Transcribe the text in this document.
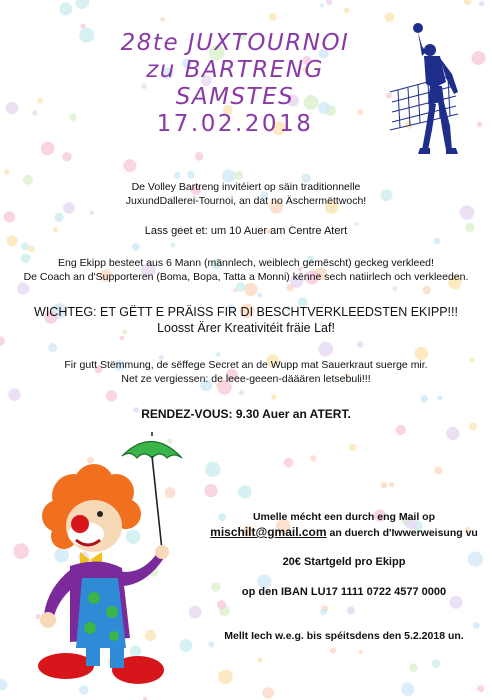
28te JUXTOURNOI
zu BARTRENG
SAMSTES
17.02.2018
De Volley Bartreng invitéiert op säin traditionnelle
JuxundDallerei-Tournoi, an dat no Äschermëttwoch!
Lass geet et: um 10 Auer am Centre Atert
Eng Ekipp besteet aus 6 Mann (männlech, weiblech gemëscht) geckeg verkleed!
De Coach an d'Supporteren (Boma, Bopa, Tatta a Monni) kënne sech natiirlech och verkleeden.
WICHTEG: ET GËTT E PRÄISS FIR DI BESCHTVERKLEEDSTEN EKIPP!!!
Loosst Ärer Kreativitéit fräie Laf!
Fir gutt Stëmmung, de sëffege Secret an de Wupp mat Sauerkraut suerge mir.
Net ze vergiessen: de leee-geeen-dääären letsebuli!!!
RENDEZ-VOUS: 9.30 Auer an ATERT.
Umelle mécht een durch eng Mail op
mischilt@gmail.com an duerch d'Iwwerweisung vu
20€ Startgeld pro Ekipp
op den IBAN LU17 1111 0722 4577 0000
Mellt Iech w.e.g. bis spéitsdens den 5.2.2018 un.
